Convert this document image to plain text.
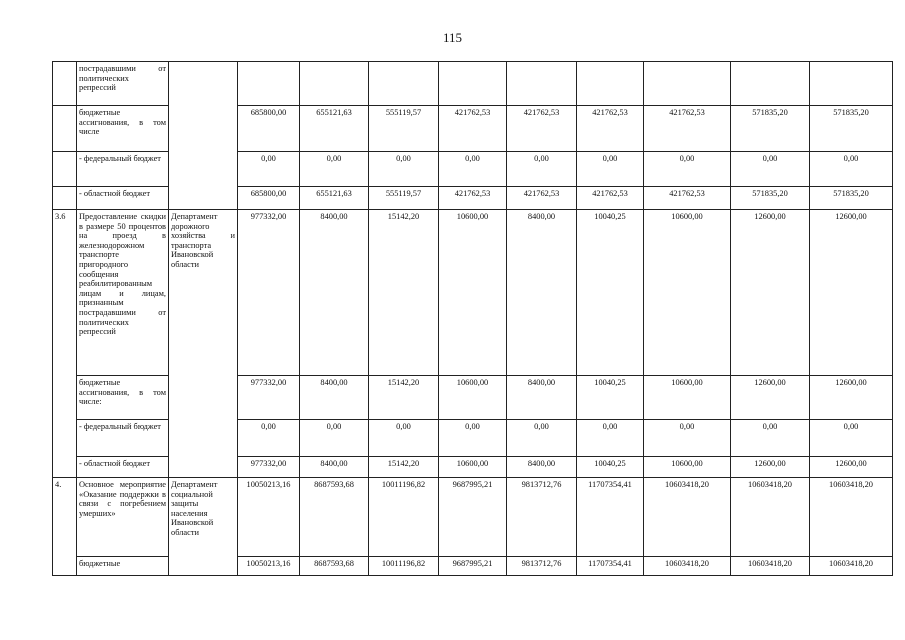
115
	пострадавшими от политических репрессий										
	бюджетные ассигнования, в том числе		685800,00	655121,63	555119,57	421762,53	421762,53	421762,53	421762,53	571835,20	571835,20
	- федеральный бюджет		0,00	0,00	0,00	0,00	0,00	0,00	0,00	0,00	0,00
	- областной бюджет		685800,00	655121,63	555119,57	421762,53	421762,53	421762,53	421762,53	571835,20	571835,20
3.6	Предоставление скидки в размере 50 процентов на проезд в железнодорожном транспорте пригородного сообщения реабилитированным лицам и лицам, признанным пострадавшими от политических репрессий	Департамент дорожного хозяйства и транспорта Ивановской области	977332,00	8400,00	15142,20	10600,00	8400,00	10040,25	10600,00	12600,00	12600,00
	бюджетные ассигнования, в том числе:		977332,00	8400,00	15142,20	10600,00	8400,00	10040,25	10600,00	12600,00	12600,00
	- федеральный бюджет		0,00	0,00	0,00	0,00	0,00	0,00	0,00	0,00	0,00
	- областной бюджет		977332,00	8400,00	15142,20	10600,00	8400,00	10040,25	10600,00	12600,00	12600,00
4.	Основное мероприятие «Оказание поддержки в связи с погребением умерших»	Департамент социальной защиты населения Ивановской области	10050213,16	8687593,68	10011196,82	9687995,21	9813712,76	11707354,41	10603418,20	10603418,20	10603418,20
	бюджетные		10050213,16	8687593,68	10011196,82	9687995,21	9813712,76	11707354,41	10603418,20	10603418,20	10603418,20
